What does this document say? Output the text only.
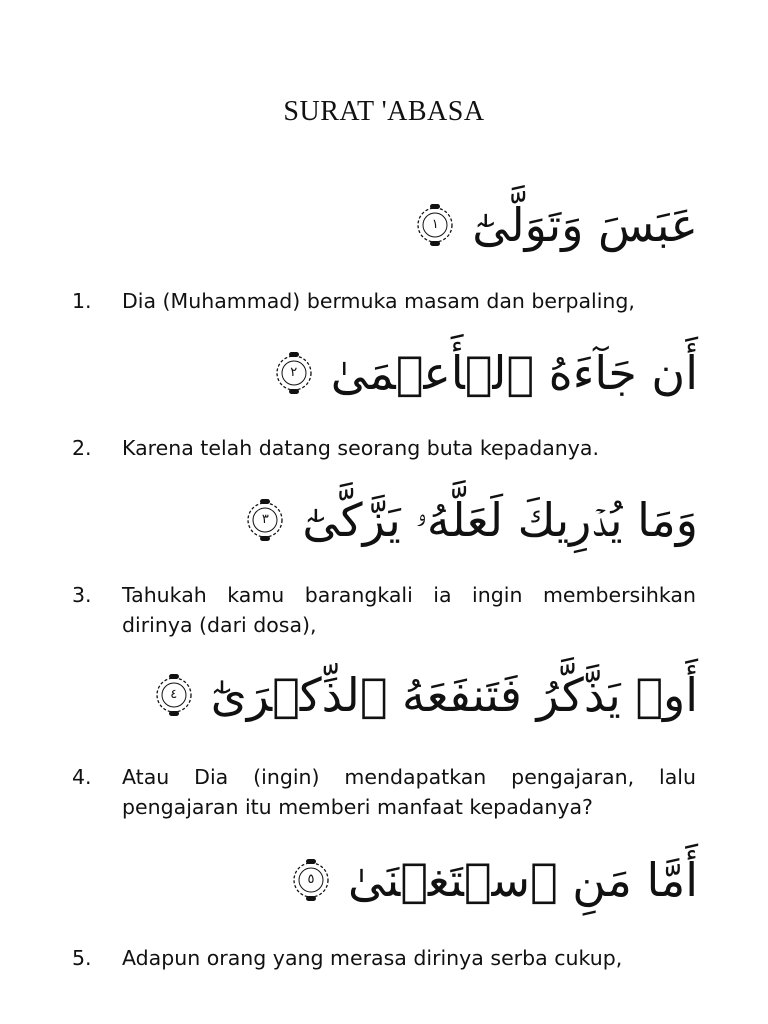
SURAT 'ABASA
عَبَسَ وَتَوَلَّىٰٓ
١
1.	Dia (Muhammad) bermuka masam dan berpaling,
أَن جَآءَهُ ٱلۡأَعۡمَىٰ
٢
2.	Karena telah datang seorang buta kepadanya.
وَمَا يُدۡرِيكَ لَعَلَّهُۥ يَزَّكَّىٰٓ
٣
3.	Tahukah kamu barangkali ia ingin membersihkan dirinya (dari dosa),
أَوۡ يَذَّكَّرُ فَتَنفَعَهُ ٱلذِّكۡرَىٰٓ
٤
4.	Atau Dia (ingin) mendapatkan pengajaran, lalu pengajaran itu memberi manfaat kepadanya?
أَمَّا مَنِ ٱسۡتَغۡنَىٰ
٥
5.	Adapun orang yang merasa dirinya serba cukup,
